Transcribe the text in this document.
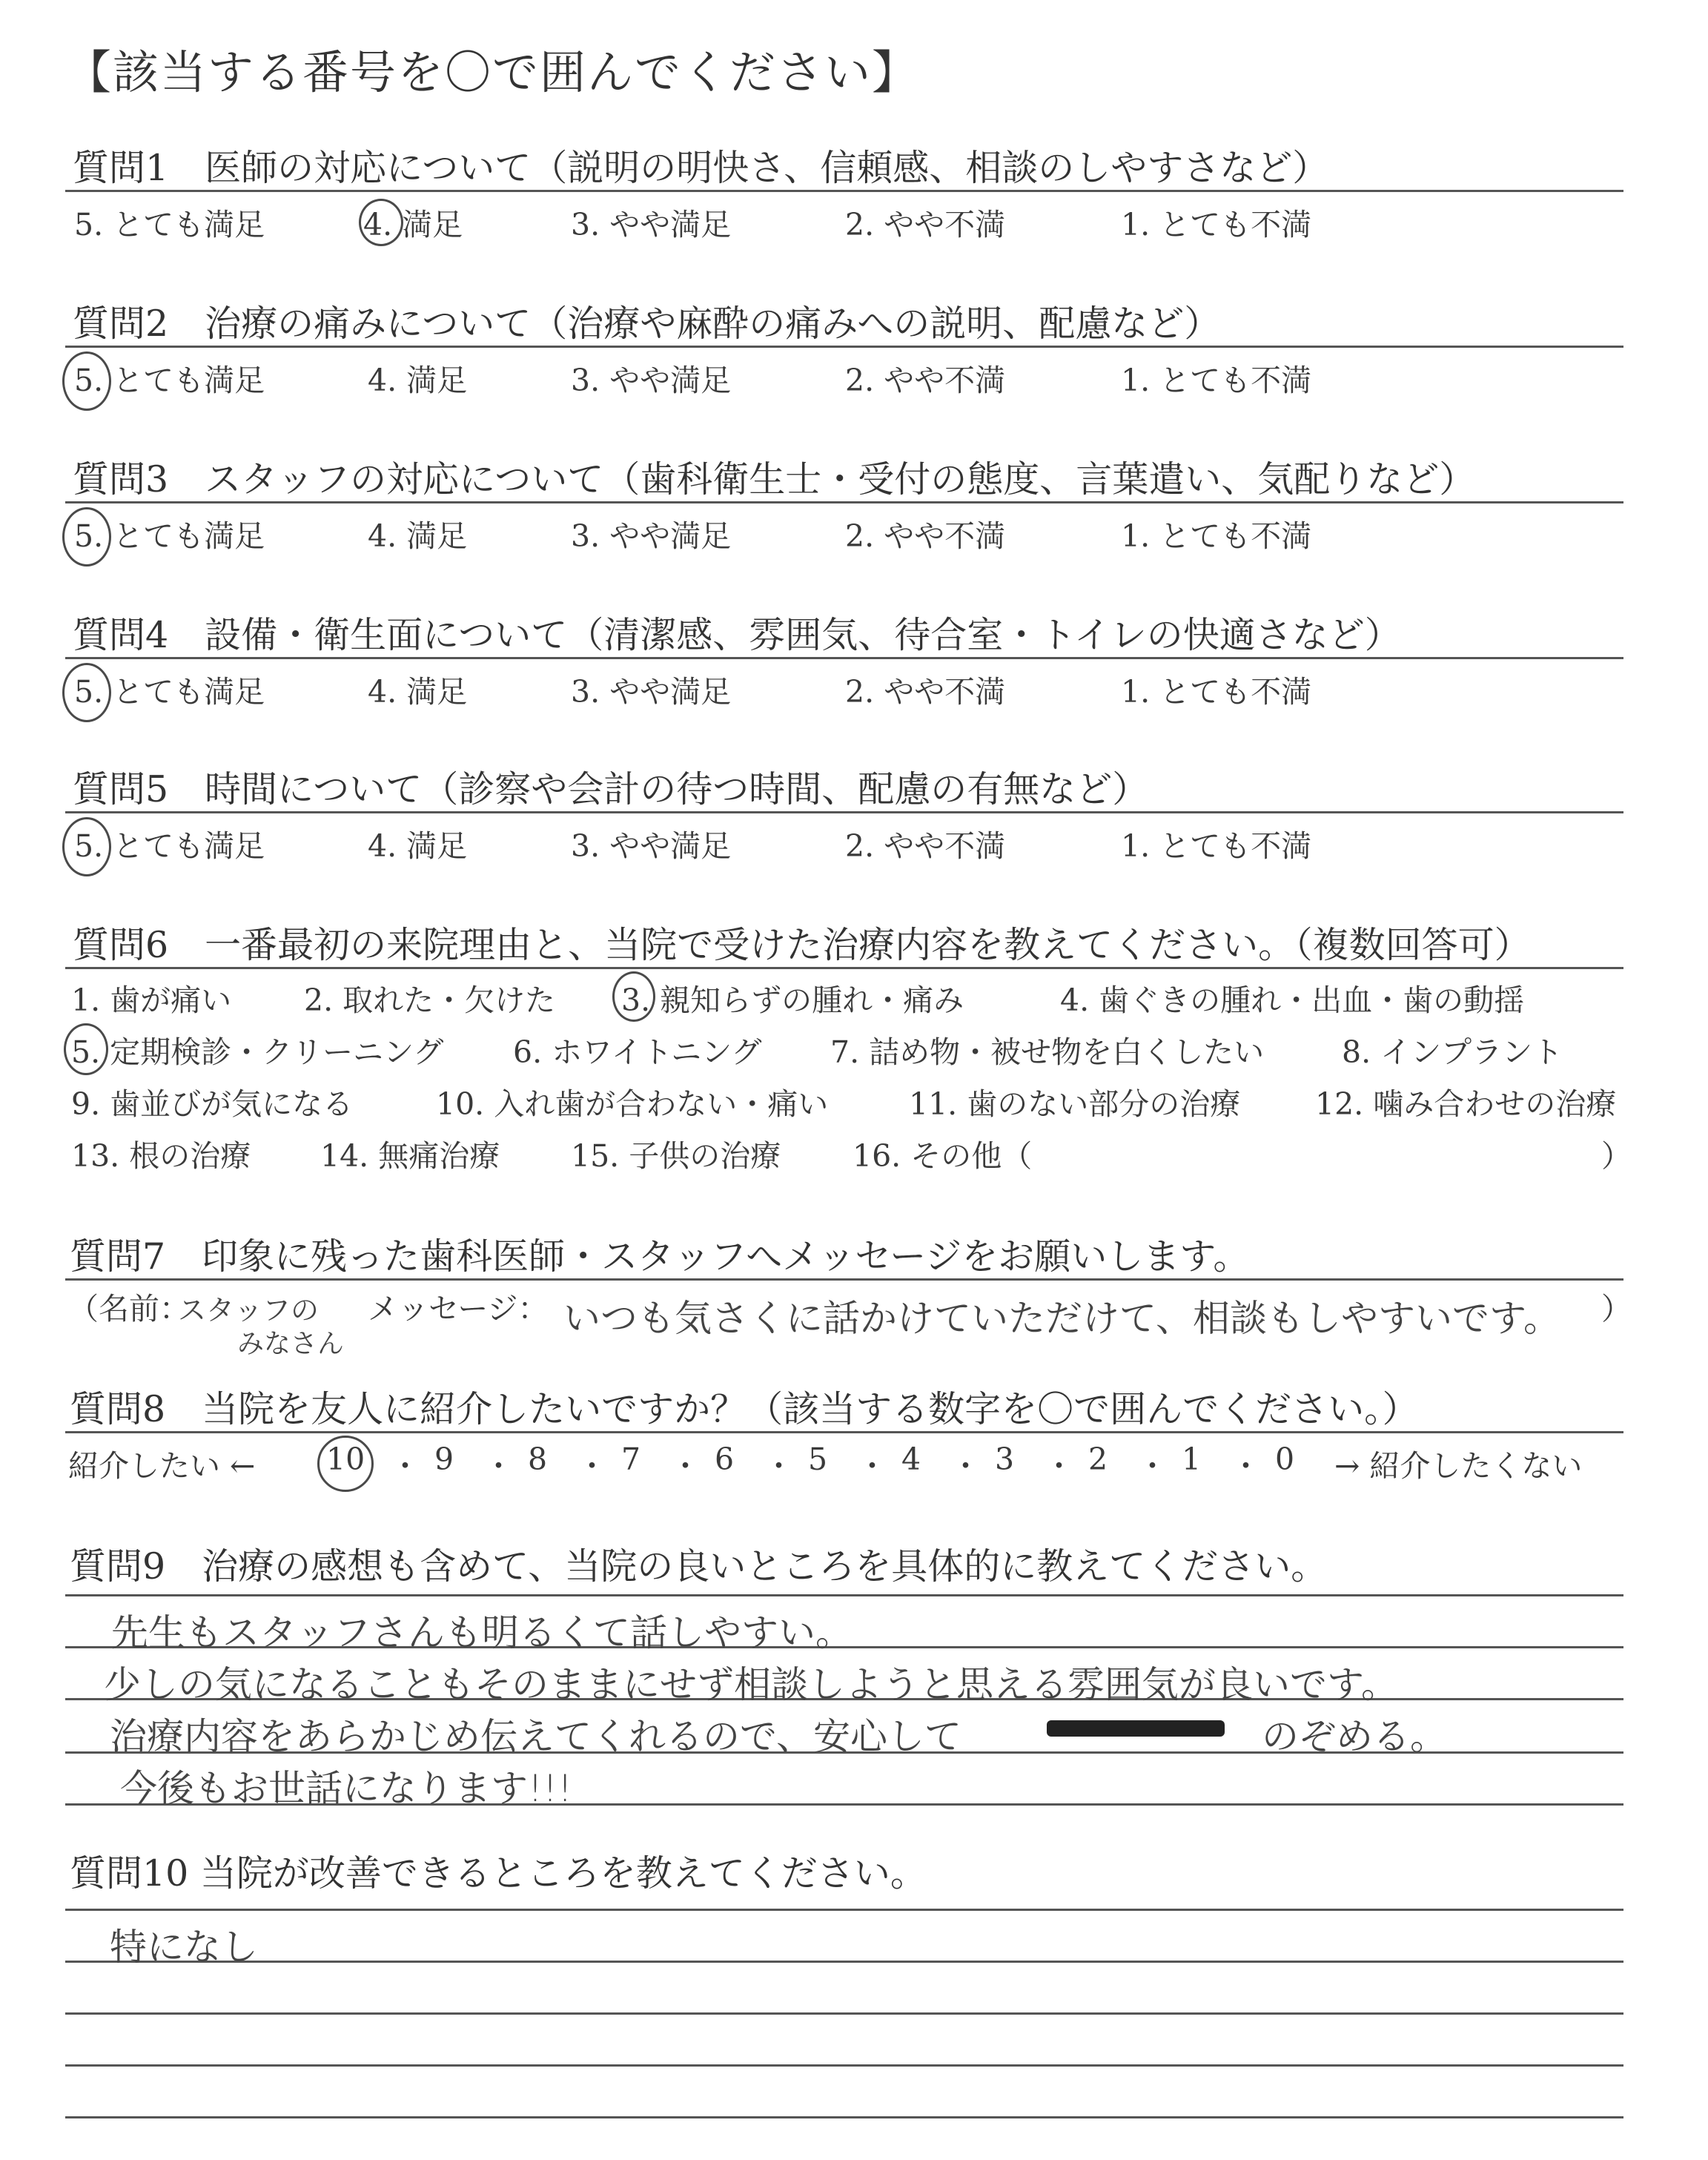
【該当する番号を〇で囲んでください】
質問1　医師の対応について（説明の明快さ、信頼感、相談のしやすさなど）
5. とても満足	4. 満足	3. やや満足	2. やや不満	1. とても不満
質問2　治療の痛みについて（治療や麻酔の痛みへの説明、配慮など）
5. とても満足	4. 満足	3. やや満足	2. やや不満	1. とても不満
質問3　スタッフの対応について（歯科衛生士・受付の態度、言葉遣い、気配りなど）
5. とても満足	4. 満足	3. やや満足	2. やや不満	1. とても不満
質問4　設備・衛生面について（清潔感、雰囲気、待合室・トイレの快適さなど）
5. とても満足	4. 満足	3. やや満足	2. やや不満	1. とても不満
質問5　時間について（診察や会計の待つ時間、配慮の有無など）
5. とても満足	4. 満足	3. やや満足	2. やや不満	1. とても不満
質問6　一番最初の来院理由と、当院で受けた治療内容を教えてください。（複数回答可）
1. 歯が痛い 2. 取れた・欠けた 3. 親知らずの腫れ・痛み	4. 歯ぐきの腫れ・出血・歯の動揺
5. 定期検診・クリーニング 6. ホワイトニング 7. 詰め物・被せ物を白くしたい	8. インプラント
9. 歯並びが気になる	10. 入れ歯が合わない・痛い	11. 歯のない部分の治療 12. 噛み合わせの治療
13. 根の治療 14. 無痛治療 15. 子供の治療 16. その他（	）
質問7　印象に残った歯科医師・スタッフへメッセージをお願いします。
（名前：
スタッフの
みなさん
メッセージ： いつも気さくに話かけていただけて、相談もしやすいです。 ）
質問8　当院を友人に紹介したいですか？（該当する数字を〇で囲んでください。）
紹介したい ← 10 ・ 9 ・ 8 ・ 7 ・ 6 ・ 5 ・ 4 ・ 3 ・ 2 ・ 1 ・ 0 → 紹介したくない
質問9　治療の感想も含めて、当院の良いところを具体的に教えてください。
先生もスタッフさんも明るくて話しやすい。
少しの気になることもそのままにせず相談しようと思える雰囲気が良いです。
治療内容をあらかじめ伝えてくれるので、安心して	のぞめる。
今後もお世話になります!!!
質問10 当院が改善できるところを教えてください。
特になし
